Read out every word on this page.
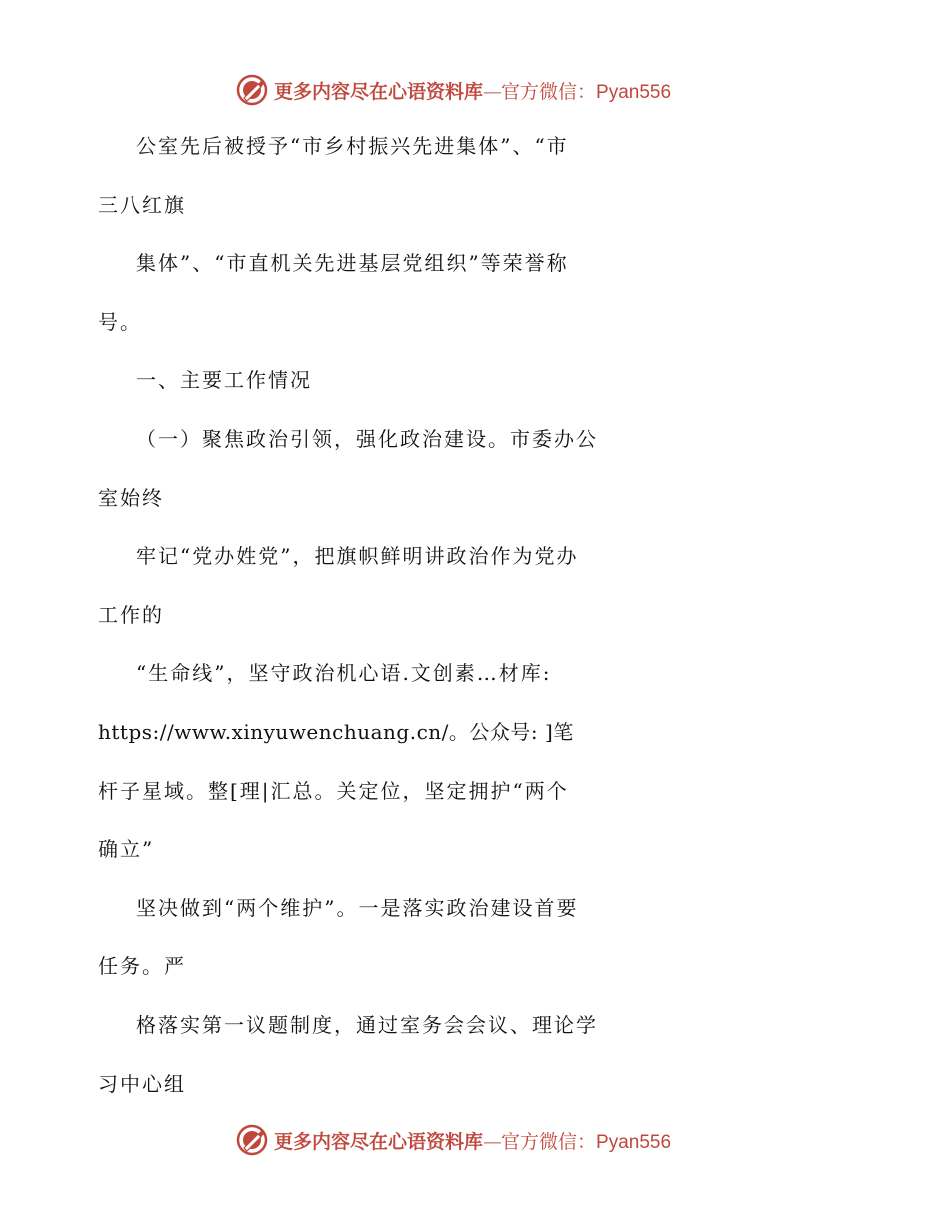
更多内容尽在心语资料库—官方微信：Pyan556
公室先后被授予“市乡村振兴先进集体”、“市
三八红旗
集体”、“市直机关先进基层党组织”等荣誉称
号。
一、主要工作情况
（一）聚焦政治引领，强化政治建设。市委办公
室始终
牢记“党办姓党”，把旗帜鲜明讲政治作为党办
工作的
“生命线”，坚守政治机心语.文创素…材库:
https://www.xinyuwenchuang.cn/。公众号: ]笔
杆子星域。整[理|汇总。关定位，坚定拥护“两个
确立”
坚决做到“两个维护”。一是落实政治建设首要
任务。严
格落实第一议题制度，通过室务会会议、理论学
习中心组
更多内容尽在心语资料库—官方微信：Pyan556
